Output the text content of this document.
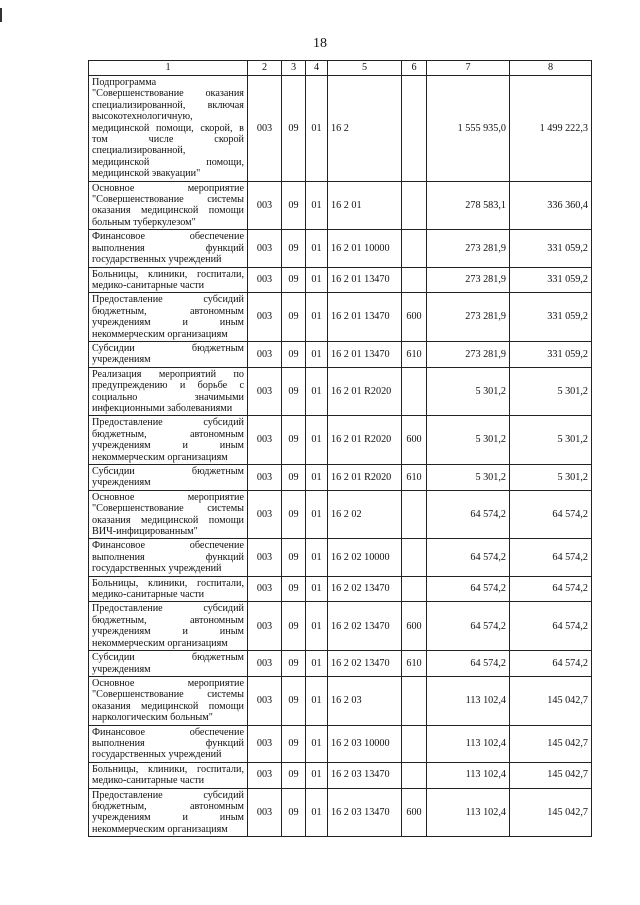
18
1	2	3	4	5	6	7	8
Подпрограмма "Совершенствование оказания специализированной, включая высокотехнологичную, медицинской помощи, скорой, в том числе скорой специализированной, медицинской помощи, медицинской эвакуации"	003	09	01	16 2		1 555 935,0	1 499 222,3
Основное мероприятие "Совершенствование системы оказания медицинской помощи больным туберкулезом"	003	09	01	16 2 01		278 583,1	336 360,4
Финансовое обеспечение выполнения функций государственных учреждений	003	09	01	16 2 01 10000		273 281,9	331 059,2
Больницы, клиники, госпитали, медико-санитарные части	003	09	01	16 2 01 13470		273 281,9	331 059,2
Предоставление субсидий бюджетным, автономным учреждениям и иным некоммерческим организациям	003	09	01	16 2 01 13470	600	273 281,9	331 059,2
Субсидии бюджетным учреждениям	003	09	01	16 2 01 13470	610	273 281,9	331 059,2
Реализация мероприятий по предупреждению и борьбе с социально значимыми инфекционными заболеваниями	003	09	01	16 2 01 R2020		5 301,2	5 301,2
Предоставление субсидий бюджетным, автономным учреждениям и иным некоммерческим организациям	003	09	01	16 2 01 R2020	600	5 301,2	5 301,2
Субсидии бюджетным учреждениям	003	09	01	16 2 01 R2020	610	5 301,2	5 301,2
Основное мероприятие "Совершенствование системы оказания медицинской помощи ВИЧ-инфицированным"	003	09	01	16 2 02		64 574,2	64 574,2
Финансовое обеспечение выполнения функций государственных учреждений	003	09	01	16 2 02 10000		64 574,2	64 574,2
Больницы, клиники, госпитали, медико-санитарные части	003	09	01	16 2 02 13470		64 574,2	64 574,2
Предоставление субсидий бюджетным, автономным учреждениям и иным некоммерческим организациям	003	09	01	16 2 02 13470	600	64 574,2	64 574,2
Субсидии бюджетным учреждениям	003	09	01	16 2 02 13470	610	64 574,2	64 574,2
Основное мероприятие "Совершенствование системы оказания медицинской помощи наркологическим больным"	003	09	01	16 2 03		113 102,4	145 042,7
Финансовое обеспечение выполнения функций государственных учреждений	003	09	01	16 2 03 10000		113 102,4	145 042,7
Больницы, клиники, госпитали, медико-санитарные части	003	09	01	16 2 03 13470		113 102,4	145 042,7
Предоставление субсидий бюджетным, автономным учреждениям и иным некоммерческим организациям	003	09	01	16 2 03 13470	600	113 102,4	145 042,7
